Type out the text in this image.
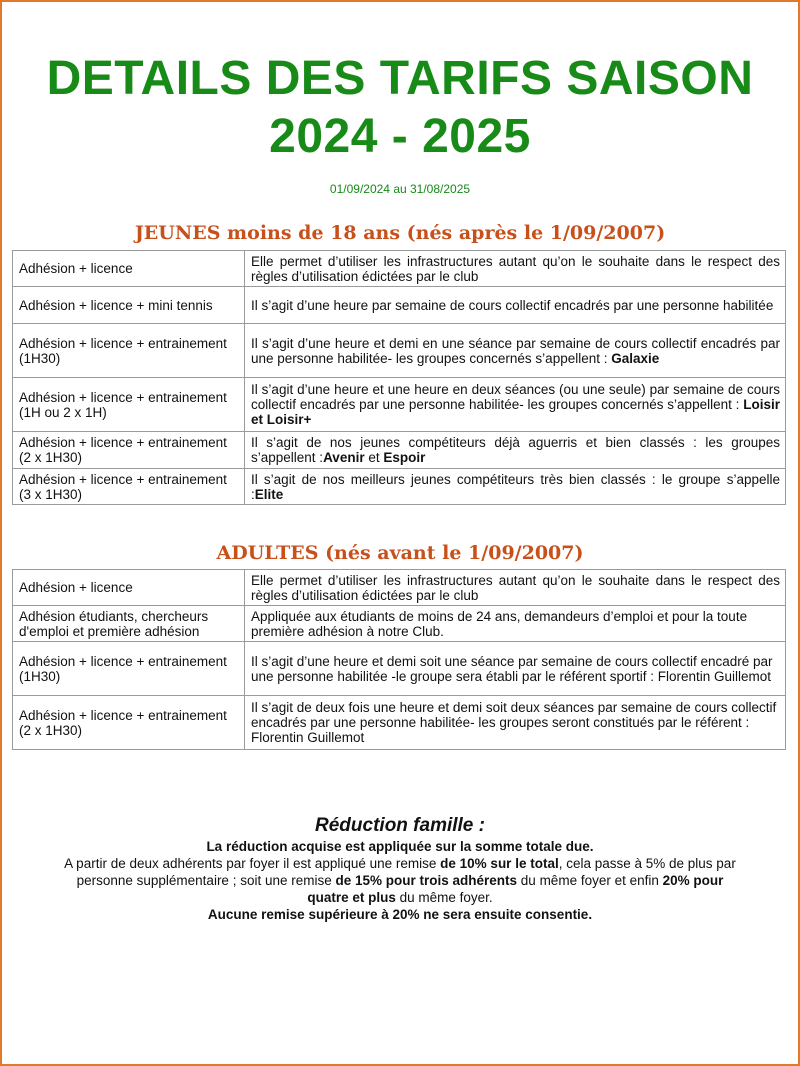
DETAILS DES TARIFS SAISON
2024 - 2025
01/09/2024 au 31/08/2025
JEUNES moins de 18 ans (nés après le 1/09/2007)
Adhésion + licence	Elle permet d’utiliser les infrastructures autant qu’on le souhaite dans le respect des règles d’utilisation édictées par le club
Adhésion + licence + mini tennis	Il s’agit d’une heure par semaine de cours collectif encadrés par une personne habilitée
Adhésion + licence + entrainement (1H30)	Il s’agit d’une heure et demi en une séance par semaine de cours collectif encadrés par une personne habilitée- les groupes concernés s’appellent : Galaxie
Adhésion + licence + entrainement (1H ou 2 x 1H)	Il s’agit d’une heure et une heure en deux séances (ou une seule) par semaine de cours collectif encadrés par une personne habilitée- les groupes concernés s’appellent : Loisir et Loisir+
Adhésion + licence + entrainement (2 x 1H30)	Il s’agit de nos jeunes compétiteurs déjà aguerris et bien classés : les groupes s’appellent :Avenir et Espoir
Adhésion + licence + entrainement (3 x 1H30)	Il s’agit de nos meilleurs jeunes compétiteurs très bien classés : le groupe s’appelle :Elite
ADULTES (nés avant le 1/09/2007)
Adhésion + licence	Elle permet d’utiliser les infrastructures autant qu’on le souhaite dans le respect des règles d’utilisation édictées par le club
Adhésion étudiants, chercheurs d'emploi et première adhésion	Appliquée aux étudiants de moins de 24 ans, demandeurs d’emploi et pour la toute première adhésion à notre Club.
Adhésion + licence + entrainement (1H30)	Il s’agit d’une heure et demi soit une séance par semaine de cours collectif encadré par une personne habilitée -le groupe sera établi par le référent sportif : Florentin Guillemot
Adhésion + licence + entrainement (2 x 1H30)	Il s’agit de deux fois une heure et demi soit deux séances par semaine de cours collectif encadrés par une personne habilitée- les groupes seront constitués par le référent : Florentin Guillemot
Réduction famille :

La réduction acquise est appliquée sur la somme totale due.

A partir de deux adhérents par foyer il est appliqué une remise de 10% sur le total, cela passe à 5% de plus par personne supplémentaire ; soit une remise de 15% pour trois adhérents du même foyer et enfin 20% pour quatre et plus du même foyer.

Aucune remise supérieure à 20% ne sera ensuite consentie.
